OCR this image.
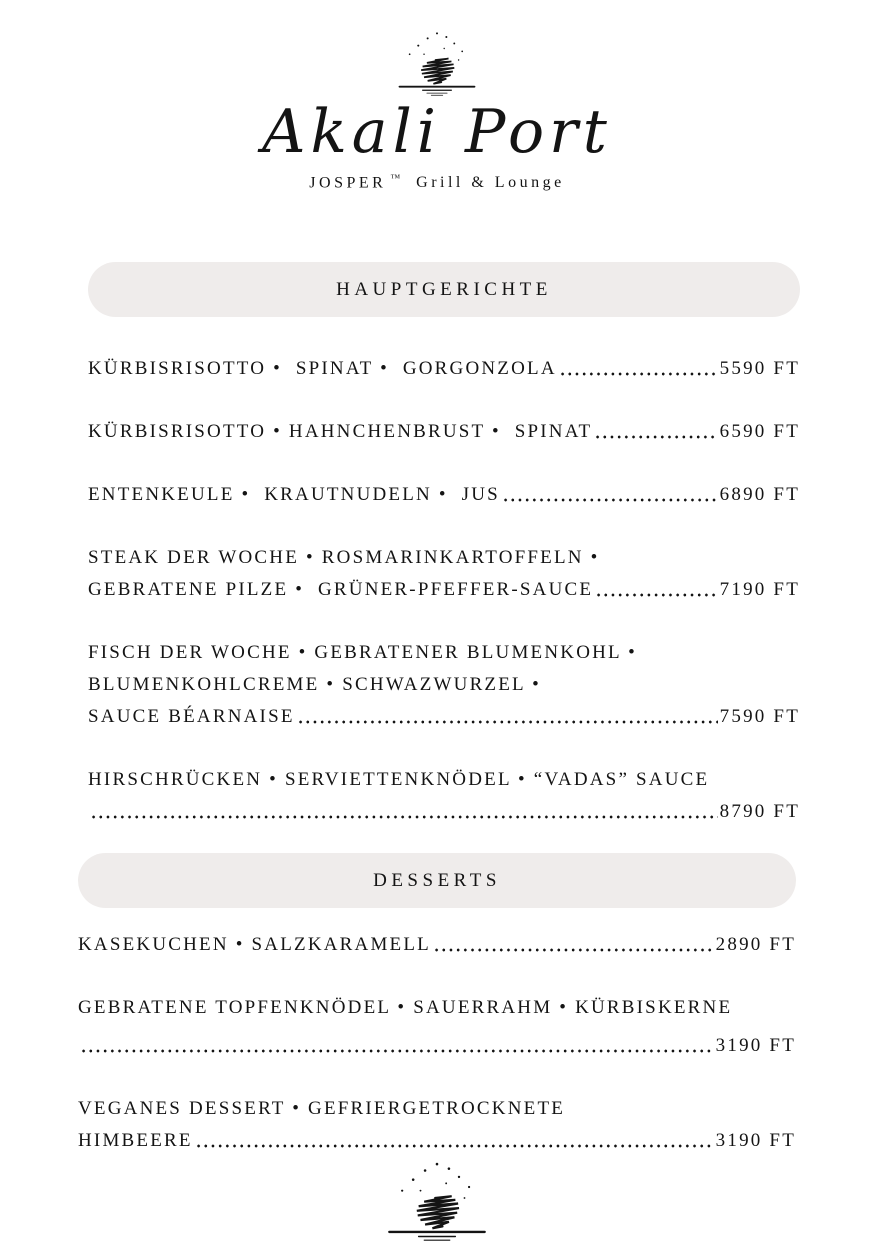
Akali Port
JOSPER ™ Grill & Lounge
HAUPTGERICHTE
KÜRBISRISOTTO •  SPINAT •  GORGONZOLA	5590 FT
KÜRBISRISOTTO • HAHNCHENBRUST •  SPINAT	6590 FT
ENTENKEULE •  KRAUTNUDELN •  JUS	6890 FT
STEAK DER WOCHE • ROSMARINKARTOFFELN •
GEBRATENE PILZE •  GRÜNER-PFEFFER-SAUCE	7190 FT
FISCH DER WOCHE • GEBRATENER BLUMENKOHL •
BLUMENKOHLCREME • SCHWAZWURZEL •
SAUCE BÉARNAISE	7590 FT
HIRSCHRÜCKEN • SERVIETTENKNÖDEL • “VADAS” SAUCE
8790 FT
DESSERTS
KASEKUCHEN • SALZKARAMELL	2890 FT
GEBRATENE TOPFENKNÖDEL • SAUERRAHM • KÜRBISKERNE
3190 FT
VEGANES DESSERT • GEFRIERGETROCKNETE
HIMBEERE	3190 FT
